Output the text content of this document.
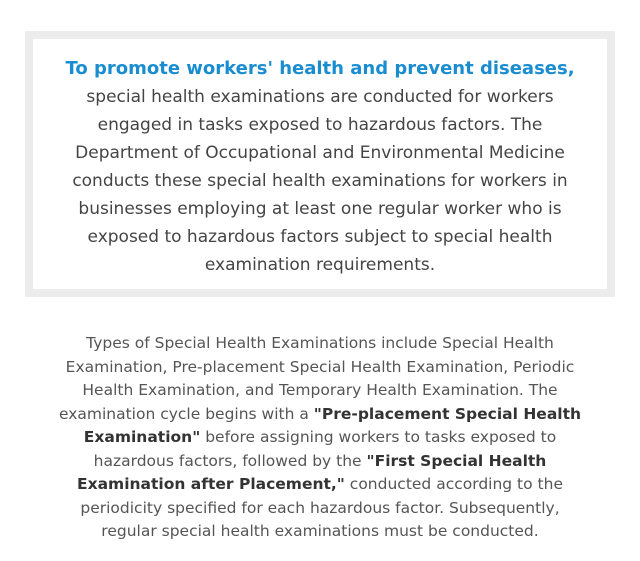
To promote workers' health and prevent diseases,
special health examinations are conducted for workers engaged in tasks exposed to hazardous factors. The Department of Occupational and Environmental Medicine conducts these special health examinations for workers in businesses employing at least one regular worker who is exposed to hazardous factors subject to special health examination requirements.
Types of Special Health Examinations include Special Health Examination, Pre-placement Special Health Examination, Periodic Health Examination, and Temporary Health Examination. The examination cycle begins with a "Pre-placement Special Health Examination" before assigning workers to tasks exposed to hazardous factors, followed by the "First Special Health Examination after Placement," conducted according to the periodicity specified for each hazardous factor. Subsequently, regular special health examinations must be conducted.
